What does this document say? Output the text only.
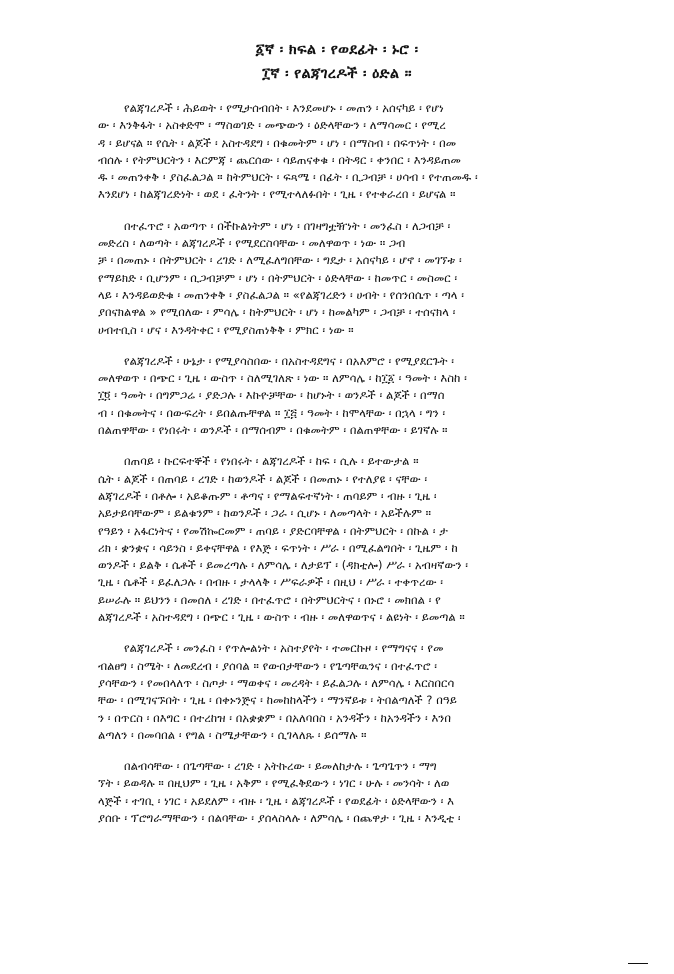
፩ኛ ፡ ክፍል ፡ የወደፊት ፡ ኑሮ ፡
፲ኛ ፡ የልጃገረዶች ፡ ዕድል ።
የልጃገረዶች ፡ ሕይወት ፡ የሚታሰብበት ፡ እንደመሆኑ ፡ መጠን ፡ አሰናካይ ፡ የሆነ
ው ፡ እንቅፋት ፡ አስቀድሞ ፡ ማስወገድ ፡ መጭውን ፡ ዕድላቸውን ፡ ለማሳመር ፡ የሚረ
ዳ ፡ ይሆናል ። የሴት ፡ ልጆች ፡ አስተዳደግ ፡ በቁመትም ፡ ሆነ ፡ በማስብ ፡ በፍጥነት ፡ በመ
ብሰሉ ፡ የትምህርትን ፡ እርምጃ ፡ ጨርሰው ፡ ሳይጠናቀቁ ፡ በትዳር ፡ ቀንበር ፡ እንዳይጠመ
ዱ ፡ መጠንቀቅ ፡ ያስፈልጋል ። ከትምህርት ፡ ፍጻሜ ፡ በፊት ፡ ቢጋብቻ ፡ ሀሳብ ፡ የተጠመዱ ፡
እንደሆነ ፡ ከልጃገረድነት ፡ ወደ ፡ ፈትንት ፡ የሚተላለፉበት ፡ ጊዜ ፡ የተቀራረበ ፡ ይሆናል ።
በተፈጥሮ ፡ አወጣጥ ፡ በችኩልነትም ፡ ሆነ ፡ በገዛግቷዥነት ፡ መንፈስ ፡ ለጋብቻ ፡
መድረስ ፡ ለወጣት ፡ ልጃገረዶች ፡ የሚደርስባቸው ፡ መለዋወጥ ፡ ነው ። ጋብ
ቻ ፡ በመጠኑ ፡ በትምህርት ፡ ረገድ ፡ ለሚፈለግበቸው ፡ ግዴታ ፡ አሰናካይ ፡ ሆኖ ፡ መገኘቱ ፡
የማይክድ ፡ ቢሆንም ፡ ቢጋብቻም ፡ ሆነ ፡ በትምህርት ፡ ዕድላቸው ፡ ከመጥር ፡ መስመር ፡
ላይ ፡ እንዳይወድቁ ፡ መጠንቀቅ ፡ ያስፈልጋል ። «የልጃገረድን ፡ ሀብት ፡ የሰንበሴጥ ፡ ጣላ ፡
ያበናክልዋል » የሚበለው ፡ ምሳሌ ፡ ከትምህርት ፡ ሆነ ፡ ከመልካም ፡ ጋብቻ ፡ ተሰናክላ ፡
ሀብተቢስ ፡ ሆና ፡ እንዳትቀር ፡ የሚያስጠነቅቅ ፡ ምክር ፡ ነው ።
የልጃገረዶች ፡ ሁኔታ ፡ የሚያሳስበው ፡ በአስተዳደግና ፡ በአእምሮ ፡ የሚያደርጉት ፡
መለዋወጥ ፡ በጭር ፡ ጊዜ ፡ ውስጥ ፡ ስለሚገለጽ ፡ ነው ። ለምሳሌ ፡ ከ፲፩ ፡ ዓመት ፡ እስከ ፡
፲፬ ፡ ዓመት ፡ በግምጋሬ ፡ ያድጋሉ ፡ እኩዮቻቸው ፡ ከሆኑት ፡ ወንዶች ፡ ልጆች ፡ በማሰ
ብ ፡ በቁመትና ፡ በውፍረት ፡ ይበልጡቸዋል ። ፲፭ ፡ ዓመት ፡ ከሞላቸው ፡ በኋላ ፡ ግን ፡
በልጠዋቸው ፡ የነበሩት ፡ ወንዶች ፡ በማሰብም ፡ በቁመትም ፡ በልጠዋቸው ፡ ይገኛሉ ።
በጠባይ ፡ ኩርፍተኞች ፡ የነበሩት ፡ ልጃገረዶች ፡ ከፍ ፡ ሲሉ ፡ ይተውታል ።
ሴት ፡ ልጆች ፡ በጠባይ ፡ ረገድ ፡ ከወንዶች ፡ ልጆች ፡ በመጠኑ ፡ የተለያዩ ፡ ናቸው ፡
ልጃገረዶች ፡ በቶሎ ፡ አይቆጡም ፡ ቶጣና ፡ የማልፍተኛነት ፡ ጠባይም ፡ ብዙ ፡ ጊዜ ፡
አይታይባቸውም ፡ ይልቁንም ፡ ከወንዶች ፡ ጋራ ፡ ሲሆኑ ፡ ለመጣላት ፡ አይችሉም ።
የዓይን ፡ አፋርነትና ፡ የመሽኰርመም ፡ ጠባይ ፡ ያድርባቸዋል ፡ በትምህርት ፡ በኩል ፡ ታ
ሪክ ፡ ቋንቋና ፡ ሳይንስ ፡ ይቀናቸዋል ፡ የእጅ ፡ ፍጥነት ፡ ሥራ ፡ በሚፈልግበት ፡ ጊዜም ፡ ከ
ወንዶች ፡ ይልቅ ፡ ሴቶች ፡ ይመረጣሉ ፡ ለምሳሌ ፡ ለታይፕ ፡ (ዳክቲሎ) ሥራ ፡ አብዛኛውን ፡
ጊዜ ፡ ሴቶች ፡ ይፈለጋሉ ፡ በብዙ ፡ ታላላቅ ፡ ሥፍራዎች ፡ በዚህ ፡ ሥራ ፡ ተቀጥረው ፡
ይሠራሉ ። ይህንን ፡ በመሰለ ፡ ረገድ ፡ በተፈጥሮ ፡ በትምህርትና ፡ በኑሮ ፡ መክበል ፡ የ
ልጃገረዶች ፡ አስተዳደግ ፡ በጭር ፡ ጊዜ ፡ ውስጥ ፡ ብዙ ፡ መለዋወጥና ፡ ልዩነት ፡ ይመጣል ።
የልጃገረዶች ፡ መንፈስ ፡ የጥሎልነት ፡ አስተያየት ፡ ተመርኩዞ ፡ የማግናና ፡ የመ
ብልፀግ ፡ ስሜት ፡ ለመደረብ ፡ ያሰባል ። የውበታቸውን ፡ የጌጣቸዉንና ፡ በተፈጥሮ ፡
ያሳቸውን ፡ የመበላለጥ ፡ ስጦታ ፡ ማወቀና ፡ መረዳት ፡ ይፈልጋሉ ፡ ለምሳሌ ፡ እርስበርሳ
ቸው ፡ በሚገናኙበት ፡ ጊዜ ፡ በቀኑንጅና ፡ ከመከከላችን ፡ ማንኛይቱ ፡ ትበልጣለች ? በዓይ
ን ፡ በጥርስ ፡ በእግር ፡ በተረከዝ ፡ በአቋቋም ፡ በአለባበስ ፡ አንዳችን ፡ ከአንዳችን ፡ እንበ
ልጣለን ፡ በመባበል ፡ የግል ፡ ስሜታቸውን ፡ ሲገላለጹ ፡ ይሰማሉ ።
በልብሳቸው ፡ በጌጣቸው ፡ ረገድ ፡ አትኩረው ፡ ይመለከታሉ ፡ ጌጣጌጥን ፡ ማግ
ኘት ፡ ይወዳሉ ። በዚህም ፡ ጊዜ ፡ አቅም ፡ የሚፈቅደውን ፡ ነገር ፡ ሁሉ ፡ መንሳት ፡ ለወ
ላጅች ፡ ተገቢ ፡ ነገር ፡ አይደለም ፡ ብዙ ፡ ጊዜ ፡ ልጃገረዶች ፡ የወደፊት ፡ ዕድላቸውን ፡ እ
ያሰቡ ፡ ፕሮግራማቸውን ፡ በልባቸው ፡ ያሰላስላሉ ፡ ለምሳሌ ፡ በጨዋታ ፡ ጊዜ ፡ እንዲቲ ፡
